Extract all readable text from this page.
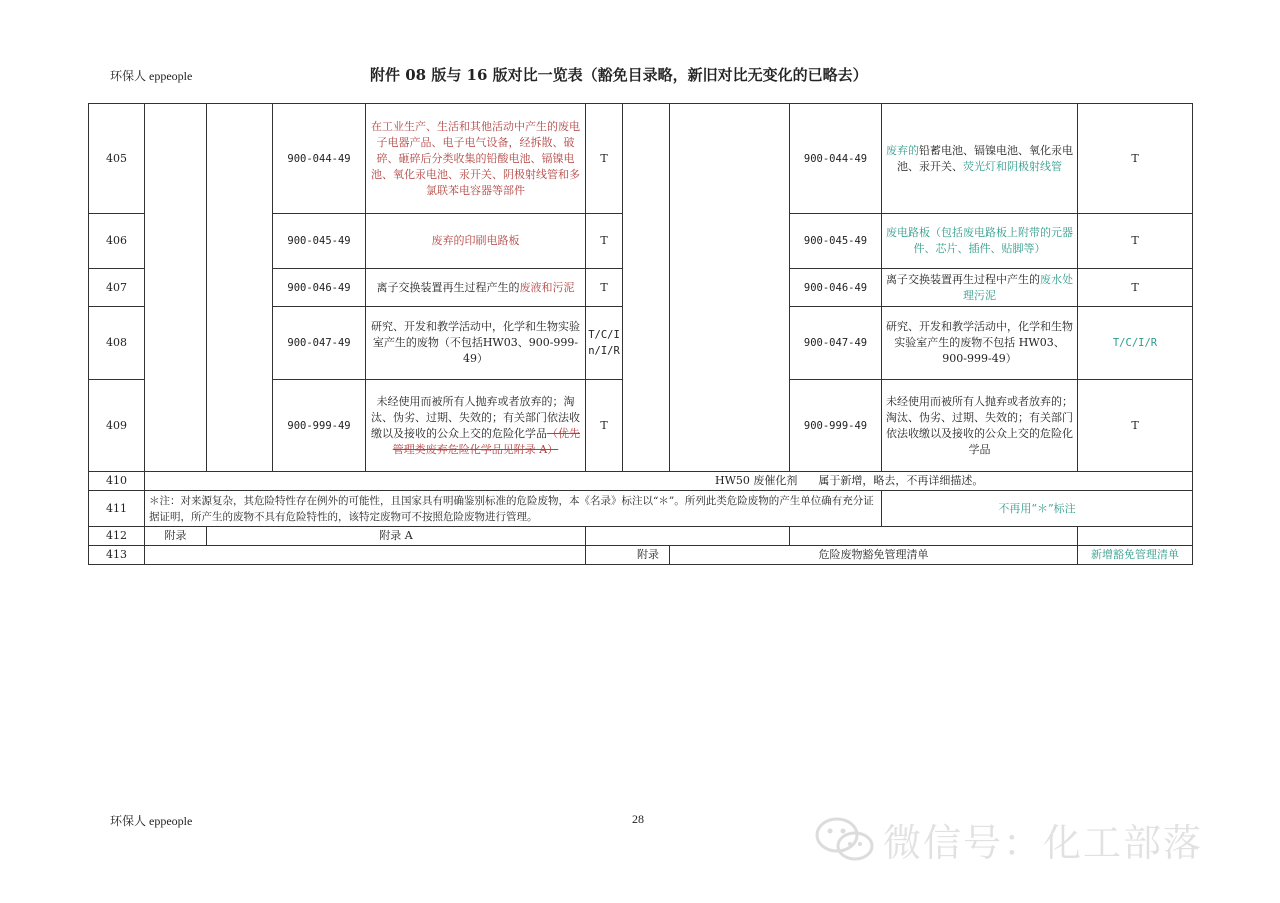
环保人 eppeople	附件 08 版与 16 版对比一览表（豁免目录略，新旧对比无变化的已略去）
405			900-044-49	在工业生产、生活和其他活动中产生的废电子电器产品、电子电气设备，经拆散、破碎、砸碎后分类收集的铅酸电池、镉镍电池、氧化汞电池、汞开关、阴极射线管和多氯联苯电容器等部件	T			900-044-49	废弃的铅蓄电池、镉镍电池、氧化汞电池、汞开关、荧光灯和阴极射线管	T
406			900-045-49	废弃的印刷电路板	T			900-045-49	废电路板（包括废电路板上附带的元器件、芯片、插件、贴脚等）	T
407			900-046-49	离子交换装置再生过程产生的废液和污泥	T			900-046-49	离子交换装置再生过程中产生的废水处理污泥	T
408			900-047-49	研究、开发和教学活动中，化学和生物实验室产生的废物（不包括HW03、900-999-49）	T/C/In/I/R			900-047-49	研究、开发和教学活动中，化学和生物实验室产生的废物不包括 HW03、900-999-49）	T/C/I/R
409			900-999-49	未经使用而被所有人抛弃或者放弃的；淘汰、伪劣、过期、失效的；有关部门依法收缴以及接收的公众上交的危险化学品（优先管理类废弃危险化学品见附录 A）	T			900-999-49	未经使用而被所有人抛弃或者放弃的；淘汰、伪劣、过期、失效的；有关部门依法收缴以及接收的公众上交的危险化学品	T
410	HW50 废催化剂 属于新增，略去，不再详细描述。									
411	＊注：对来源复杂，其危险特性存在例外的可能性，且国家具有明确鉴别标准的危险废物，本《名录》标注以“＊”。所列此类危险废物的产生单位确有充分证据证明，所产生的废物不具有危险特性的，该特定废物可不按照危险废物进行管理。								不再用“＊”标注	
412	附录	附录 A								
413					附录		危险废物豁免管理清单			新增豁免管理清单
环保人 eppeople	28
微信号：化工部落
